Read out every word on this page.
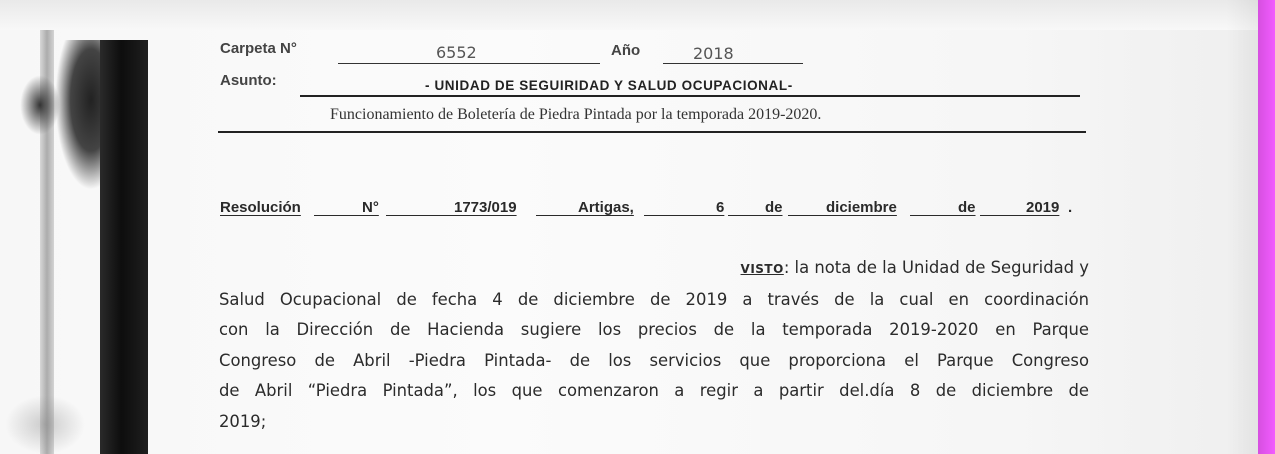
Carpeta N°	6552	Año	2018
Asunto:	- UNIDAD DE SEGUIRIDAD Y SALUD OCUPACIONAL-
Funcionamiento de Boletería de Piedra Pintada por la temporada 2019-2020.
Resolución	N°	1773/019	Artigas,	6	de	diciembre	de	2019 .
VISTO: la nota de la Unidad de Seguridad y
Salud Ocupacional de fecha 4 de diciembre de 2019 a través de la cual en coordinación
con la Dirección de Hacienda sugiere los precios de la temporada 2019-2020 en Parque
Congreso de Abril -Piedra Pintada- de los servicios que proporciona el Parque Congreso
de Abril “Piedra Pintada”, los que comenzaron a regir a partir del.día 8 de diciembre de
2019;
